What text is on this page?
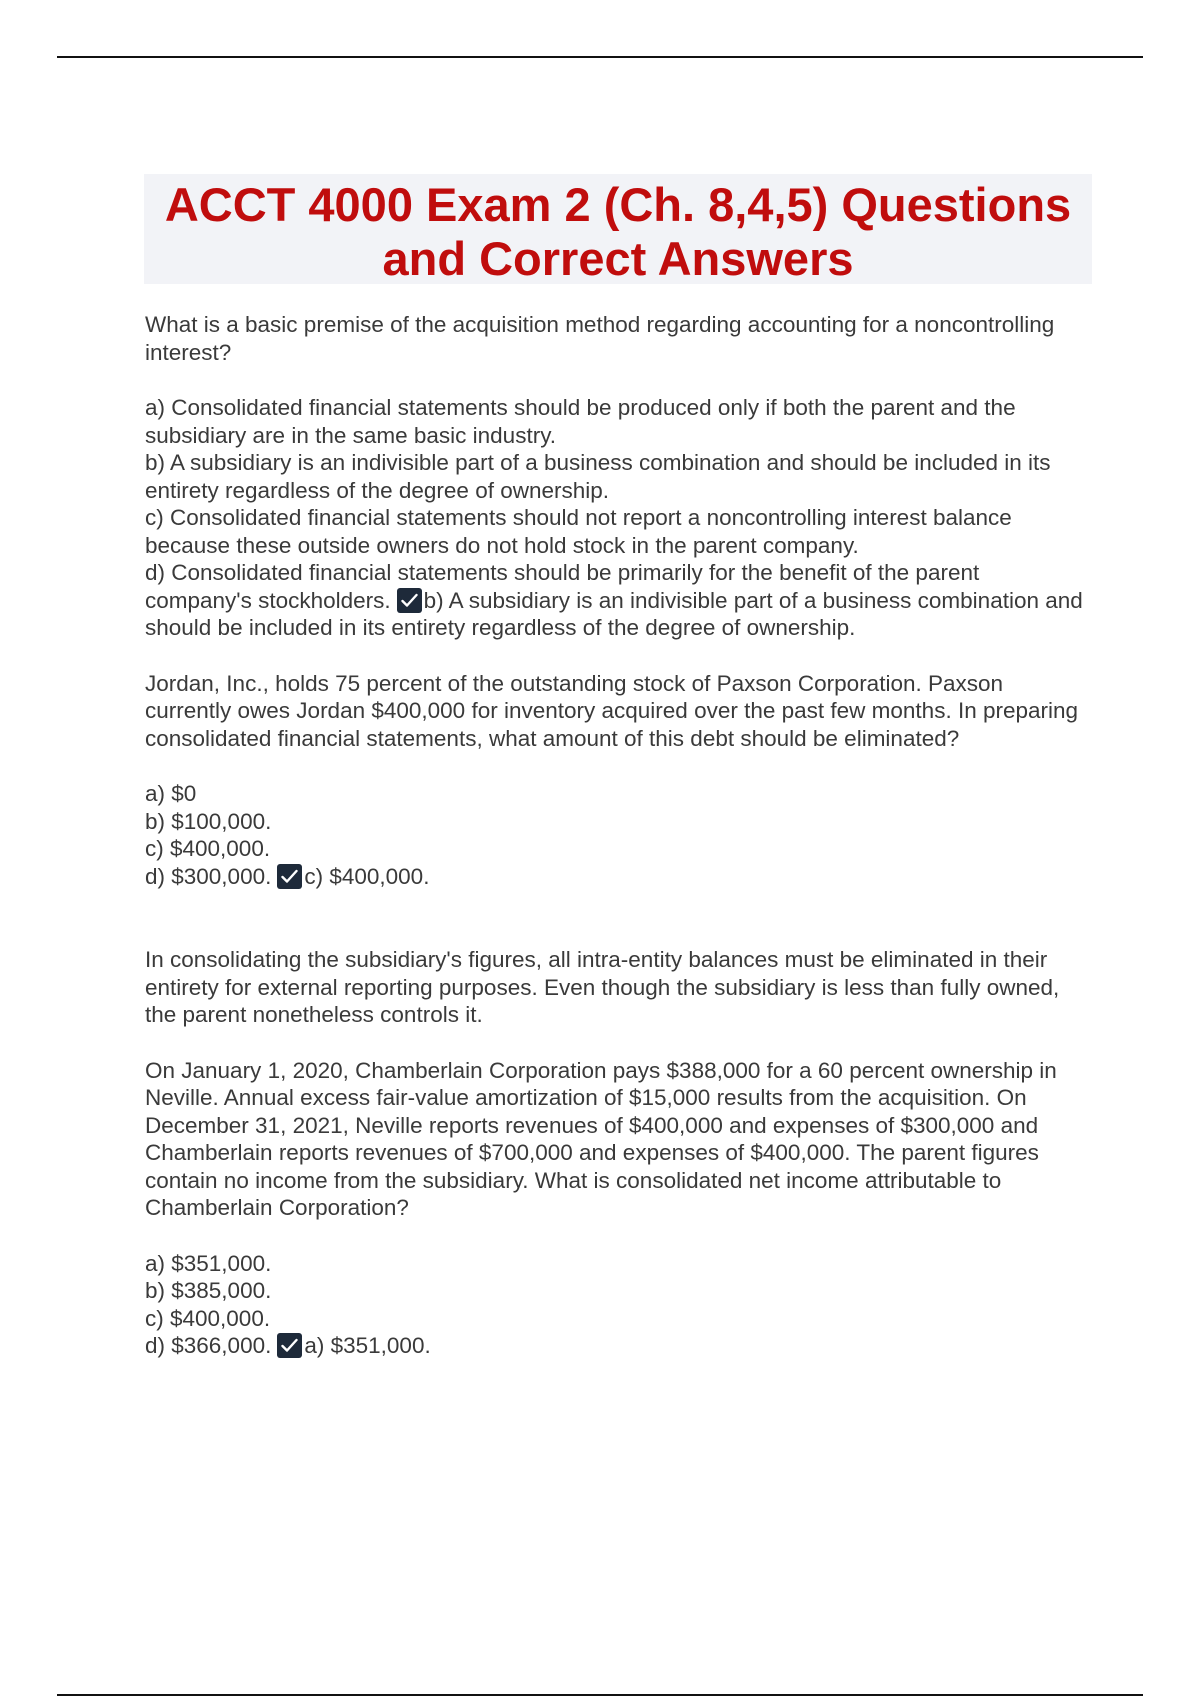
ACCT 4000 Exam 2 (Ch. 8,4,5) Questions and Correct Answers

What is a basic premise of the acquisition method regarding accounting for a noncontrolling interest?

a) Consolidated financial statements should be produced only if both the parent and the subsidiary are in the same basic industry.

b) A subsidiary is an indivisible part of a business combination and should be included in its entirety regardless of the degree of ownership.

c) Consolidated financial statements should not report a noncontrolling interest balance because these outside owners do not hold stock in the parent company.

d) Consolidated financial statements should be primarily for the benefit of the parent company's stockholders. b) A subsidiary is an indivisible part of a business combination and should be included in its entirety regardless of the degree of ownership.

Jordan, Inc., holds 75 percent of the outstanding stock of Paxson Corporation. Paxson currently owes Jordan $400,000 for inventory acquired over the past few months. In preparing consolidated financial statements, what amount of this debt should be eliminated?

a) $0

b) $100,000.

c) $400,000.

d) $300,000. c) $400,000.

In consolidating the subsidiary's figures, all intra-entity balances must be eliminated in their entirety for external reporting purposes. Even though the subsidiary is less than fully owned, the parent nonetheless controls it.

On January 1, 2020, Chamberlain Corporation pays $388,000 for a 60 percent ownership in Neville. Annual excess fair-value amortization of $15,000 results from the acquisition. On December 31, 2021, Neville reports revenues of $400,000 and expenses of $300,000 and Chamberlain reports revenues of $700,000 and expenses of $400,000. The parent figures contain no income from the subsidiary. What is consolidated net income attributable to Chamberlain Corporation?

a) $351,000.

b) $385,000.

c) $400,000.

d) $366,000. a) $351,000.
